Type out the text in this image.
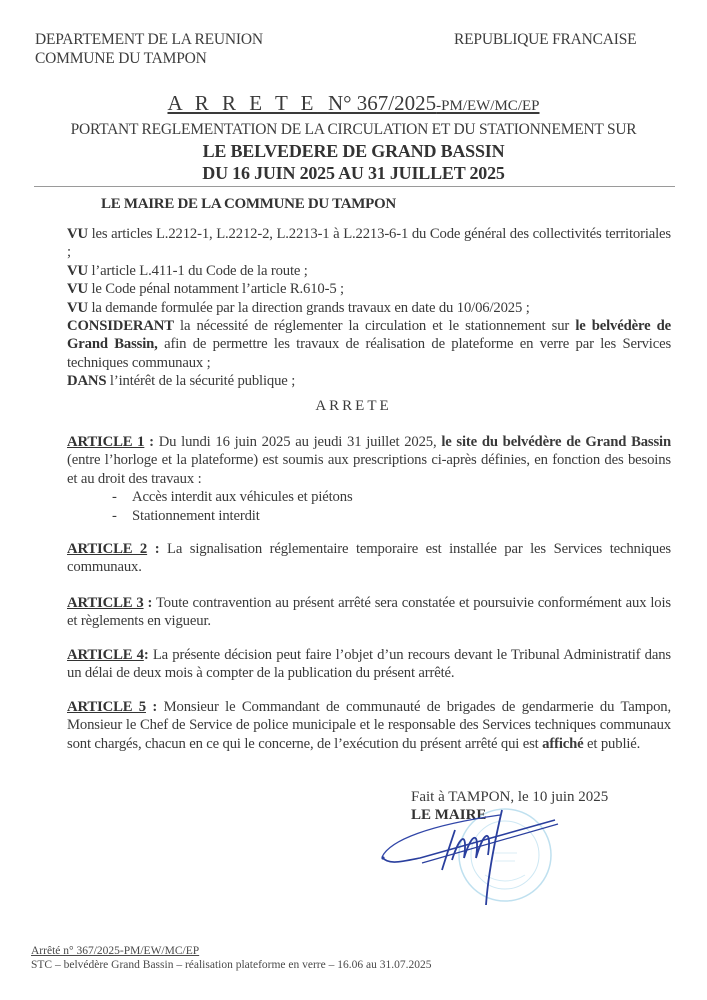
DEPARTEMENT DE LA REUNION
COMMUNE DU TAMPON
REPUBLIQUE FRANCAISE
A R R E T E N° 367/2025-PM/EW/MC/EP
PORTANT REGLEMENTATION DE LA CIRCULATION ET DU STATIONNEMENT SUR
LE BELVEDERE DE GRAND BASSIN
DU 16 JUIN 2025 AU 31 JUILLET 2025
LE MAIRE DE LA COMMUNE DU TAMPON

VU les articles L.2212-1, L.2212-2, L.2213-1 à L.2213-6-1 du Code général des collectivités territoriales ;

VU l’article L.411-1 du Code de la route ;

VU le Code pénal notamment l’article R.610-5 ;

VU la demande formulée par la direction grands travaux en date du 10/06/2025 ;

CONSIDERANT la nécessité de réglementer la circulation et le stationnement sur le belvédère de Grand Bassin, afin de permettre les travaux de réalisation de plateforme en verre par les Services techniques communaux ;

DANS l’intérêt de la sécurité publique ;

ARRETE

ARTICLE 1 : Du lundi 16 juin 2025 au jeudi 31 juillet 2025, le site du belvédère de Grand Bassin (entre l’horloge et la plateforme) est soumis aux prescriptions ci-après définies, en fonction des besoins et au droit des travaux :

- Accès interdit aux véhicules et piétons
- Stationnement interdit
ARTICLE 2 : La signalisation réglementaire temporaire est installée par les Services techniques communaux.
ARTICLE 3 : Toute contravention au présent arrêté sera constatée et poursuivie conformément aux lois et règlements en vigueur.
ARTICLE 4: La présente décision peut faire l’objet d’un recours devant le Tribunal Administratif dans un délai de deux mois à compter de la publication du présent arrêté.
ARTICLE 5 : Monsieur le Commandant de communauté de brigades de gendarmerie du Tampon, Monsieur le Chef de Service de police municipale et le responsable des Services techniques communaux sont chargés, chacun en ce qui le concerne, de l’exécution du présent arrêté qui est affiché et publié.
Fait à TAMPON, le 10 juin 2025
LE MAIRE
Arrêté n° 367/2025-PM/EW/MC/EP
STC – belvédère Grand Bassin – réalisation plateforme en verre – 16.06 au 31.07.2025
